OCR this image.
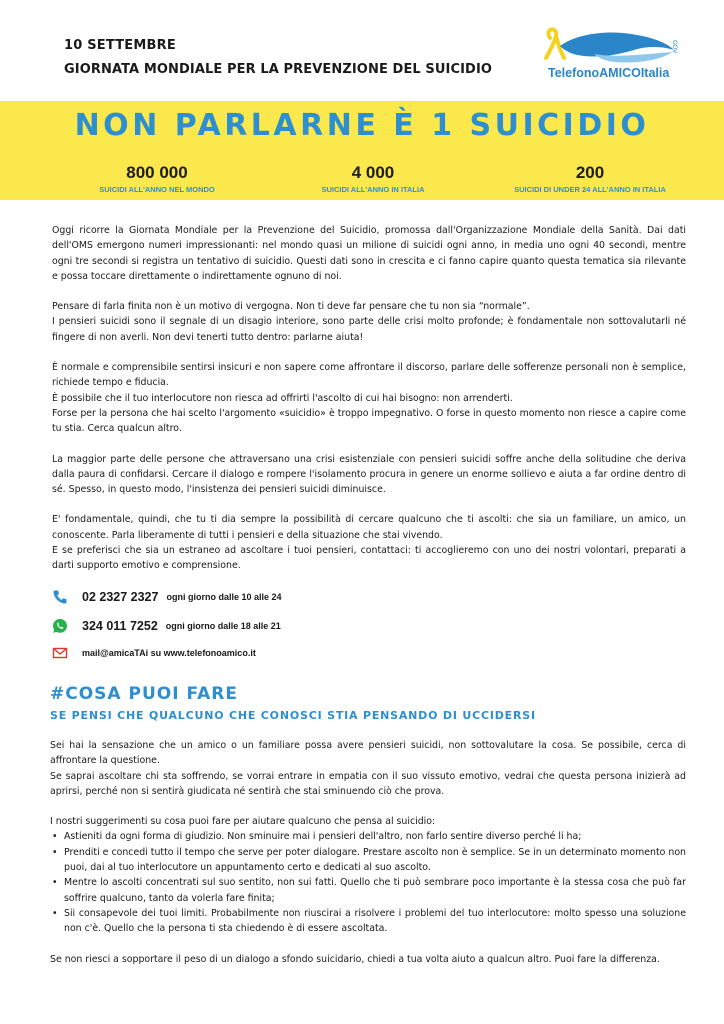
10 SETTEMBRE
GIORNATA MONDIALE PER LA PREVENZIONE DEL SUICIDIO	TelefonoAMICOItalia
ODV
NON PARLARNE È 1 SUICIDIO
800 000
SUICIDI ALL'ANNO NEL MONDO
4 000
SUICIDI ALL'ANNO IN ITALIA
200
SUICIDI DI UNDER 24 ALL'ANNO IN ITALIA

Oggi ricorre la Giornata Mondiale per la Prevenzione del Suicidio, promossa dall'Organizzazione Mondiale della Sanità. Dai dati dell'OMS emergono numeri impressionanti: nel mondo quasi un milione di suicidi ogni anno, in media uno ogni 40 secondi, mentre ogni tre secondi si registra un tentativo di suicidio. Questi dati sono in crescita e ci fanno capire quanto questa tematica sia rilevante e possa toccare direttamente o indirettamente ognuno di noi.

Pensare di farla finita non è un motivo di vergogna. Non ti deve far pensare che tu non sia “normale”.
I pensieri suicidi sono il segnale di un disagio interiore, sono parte delle crisi molto profonde; è fondamentale non sottovalutarli né fingere di non averli. Non devi tenerti tutto dentro: parlarne aiuta!

È normale e comprensibile sentirsi insicuri e non sapere come affrontare il discorso, parlare delle sofferenze personali non è semplice, richiede tempo e fiducia.
È possibile che il tuo interlocutore non riesca ad offrirti l'ascolto di cui hai bisogno: non arrenderti.
Forse per la persona che hai scelto l'argomento «suicidio» è troppo impegnativo. O forse in questo momento non riesce a capire come tu stia. Cerca qualcun altro.

La maggior parte delle persone che attraversano una crisi esistenziale con pensieri suicidi soffre anche della solitudine che deriva dalla paura di confidarsi. Cercare il dialogo e rompere l'isolamento procura in genere un enorme sollievo e aiuta a far ordine dentro di sé. Spesso, in questo modo, l'insistenza dei pensieri suicidi diminuisce.

E' fondamentale, quindi, che tu ti dia sempre la possibilità di cercare qualcuno che ti ascolti: che sia un familiare, un amico, un conoscente. Parla liberamente di tutti i pensieri e della situazione che stai vivendo.
E se preferisci che sia un estraneo ad ascoltare i tuoi pensieri, contattaci: ti accoglieremo con uno dei nostri volontari, preparati a darti supporto emotivo e comprensione.

02 2327 2327 ogni giorno dalle 10 alle 24
324 011 7252 ogni giorno dalle 18 alle 21
mail@amicaTAi su www.telefonoamico.it
#COSA PUOI FARE
SE PENSI CHE QUALCUNO CHE CONOSCI STIA PENSANDO DI UCCIDERSI

Sei hai la sensazione che un amico o un familiare possa avere pensieri suicidi, non sottovalutare la cosa. Se possibile, cerca di affrontare la questione.
Se saprai ascoltare chi sta soffrendo, se vorrai entrare in empatia con il suo vissuto emotivo, vedrai che questa persona inizierà ad aprirsi, perché non si sentirà giudicata né sentirà che stai sminuendo ciò che prova.

I nostri suggerimenti su cosa puoi fare per aiutare qualcuno che pensa al suicidio:
• Astieniti da ogni forma di giudizio. Non sminuire mai i pensieri dell'altro, non farlo sentire diverso perché li ha;
• Prenditi e concedi tutto il tempo che serve per poter dialogare. Prestare ascolto non è semplice. Se in un determinato momento non puoi, dai al tuo interlocutore un appuntamento certo e dedicati al suo ascolto.
• Mentre lo ascolti concentrati sul suo sentito, non sui fatti. Quello che ti può sembrare poco importante è la stessa cosa che può far soffrire qualcuno, tanto da volerla fare finita;
• Sii consapevole dei tuoi limiti. Probabilmente non riuscirai a risolvere i problemi del tuo interlocutore: molto spesso una soluzione non c'è. Quello che la persona ti sta chiedendo è di essere ascoltata.

Se non riesci a sopportare il peso di un dialogo a sfondo suicidario, chiedi a tua volta aiuto a qualcun altro. Puoi fare la differenza.
